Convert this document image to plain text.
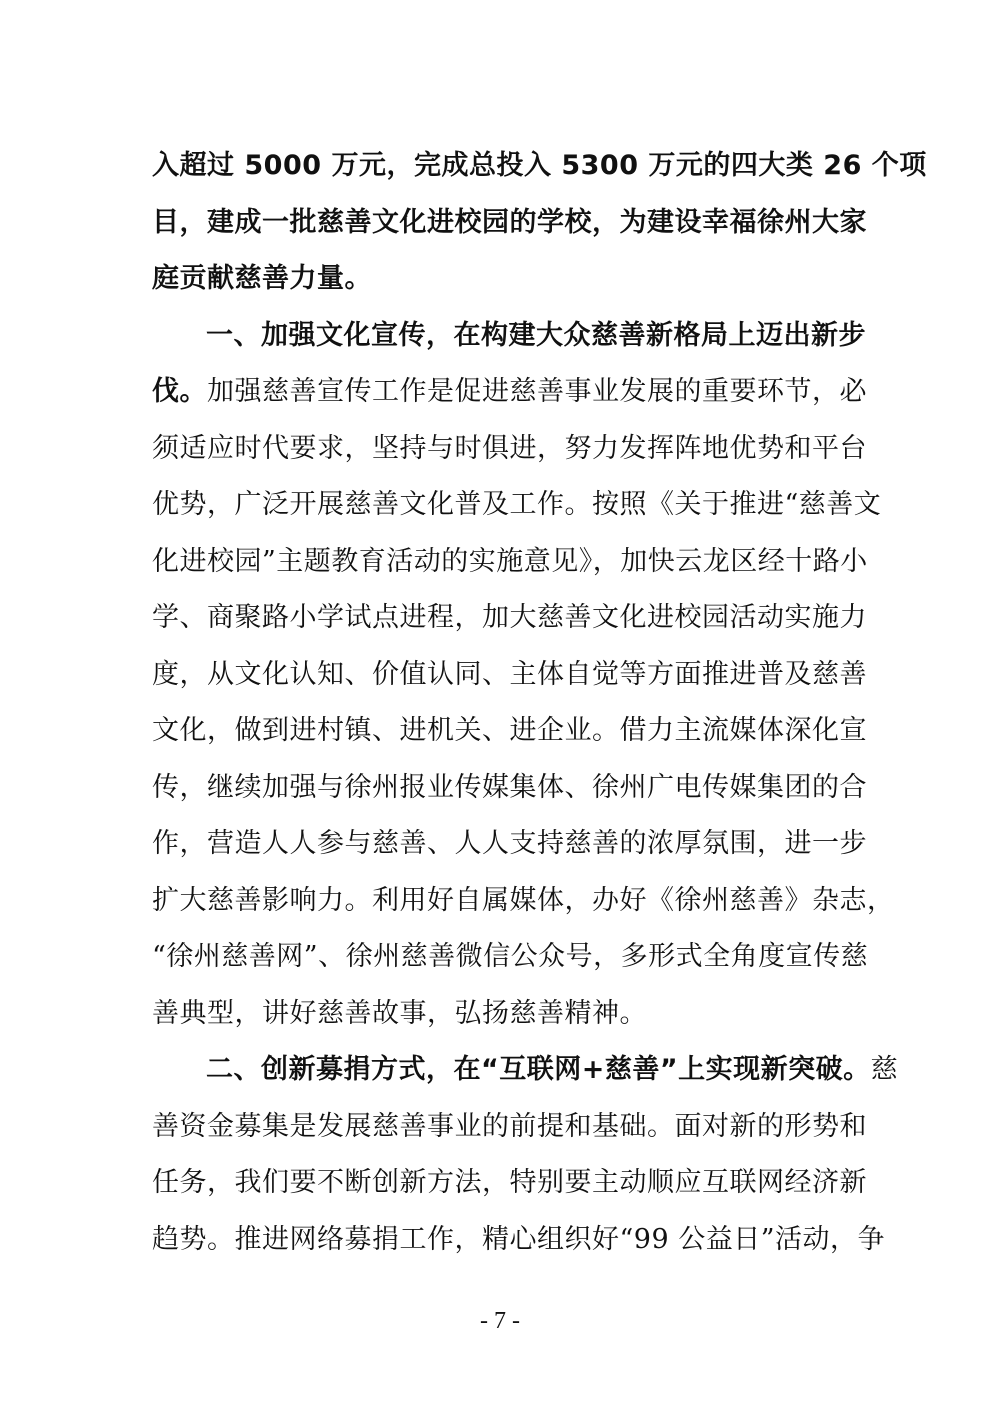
入超过 5000 万元，完成总投入 5300 万元的四大类 26 个项
目，建成一批慈善文化进校园的学校，为建设幸福徐州大家
庭贡献慈善力量。
一、加强文化宣传，在构建大众慈善新格局上迈出新步
伐。加强慈善宣传工作是促进慈善事业发展的重要环节，必
须适应时代要求，坚持与时俱进，努力发挥阵地优势和平台
优势，广泛开展慈善文化普及工作。按照《关于推进“慈善文
化进校园”主题教育活动的实施意见》，加快云龙区经十路小
学、商聚路小学试点进程，加大慈善文化进校园活动实施力
度，从文化认知、价值认同、主体自觉等方面推进普及慈善
文化，做到进村镇、进机关、进企业。借力主流媒体深化宣
传，继续加强与徐州报业传媒集体、徐州广电传媒集团的合
作，营造人人参与慈善、人人支持慈善的浓厚氛围，进一步
扩大慈善影响力。利用好自属媒体，办好《徐州慈善》杂志，
“徐州慈善网”、徐州慈善微信公众号，多形式全角度宣传慈
善典型，讲好慈善故事，弘扬慈善精神。
二、创新募捐方式，在“互联网+慈善”上实现新突破。慈
善资金募集是发展慈善事业的前提和基础。面对新的形势和
任务，我们要不断创新方法，特别要主动顺应互联网经济新
趋势。推进网络募捐工作，精心组织好“99 公益日”活动，争
- 7 -
